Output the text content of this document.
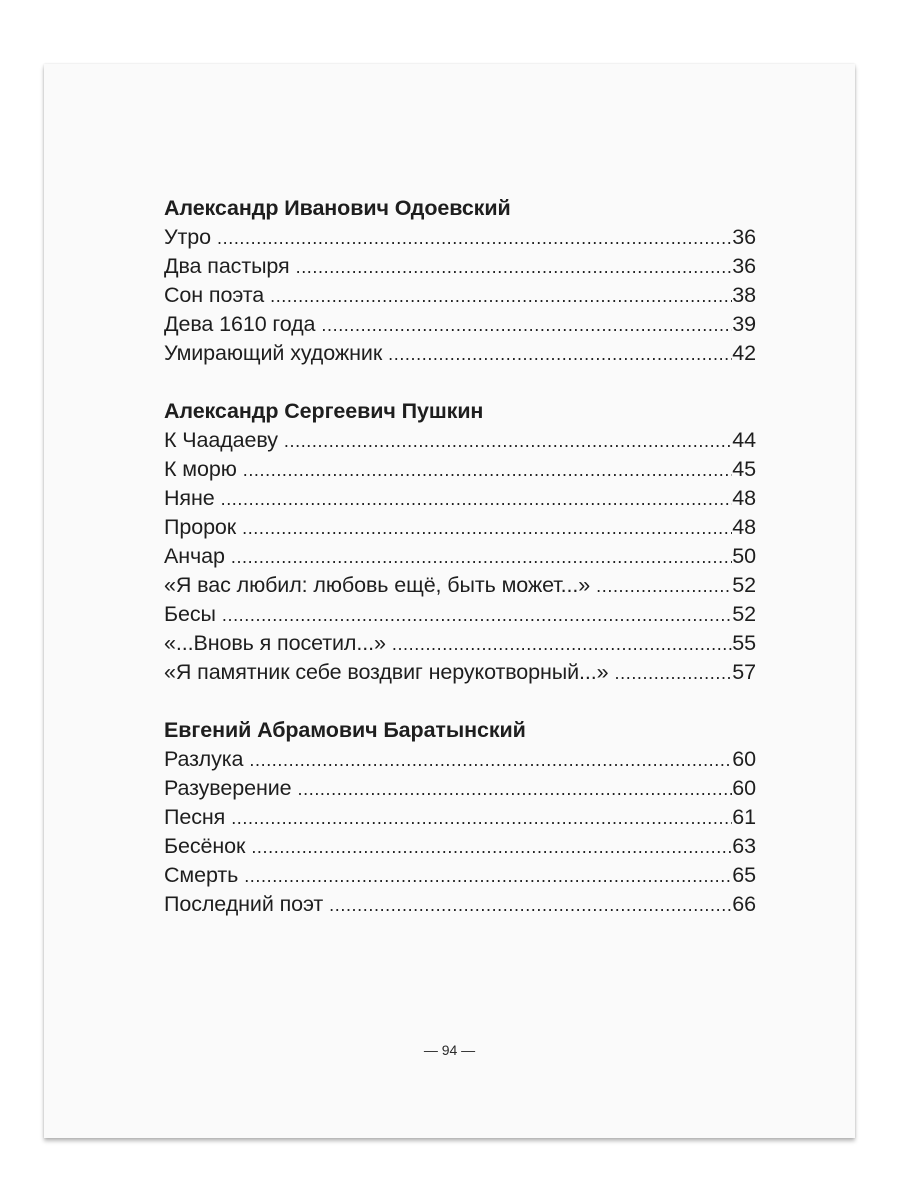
Александр Иванович Одоевский
Утро .....	36
Два пастыря .....	36
Сон поэта .....	38
Дева 1610 года .....	39
Умирающий художник .....	42
Александр Сергеевич Пушкин
К Чаадаеву .....	44
К морю .....	45
Няне .....	48
Пророк .....	48
Анчар .....	50
«Я вас любил: любовь ещё, быть может...» .....	52
Бесы .....	52
«...Вновь я посетил...» .....	55
«Я памятник себе воздвиг нерукотворный...» .....	57
Евгений Абрамович Баратынский
Разлука .....	60
Разуверение .....	60
Песня .....	61
Бесёнок .....	63
Смерть .....	65
Последний поэт .....	66
— 94 —
